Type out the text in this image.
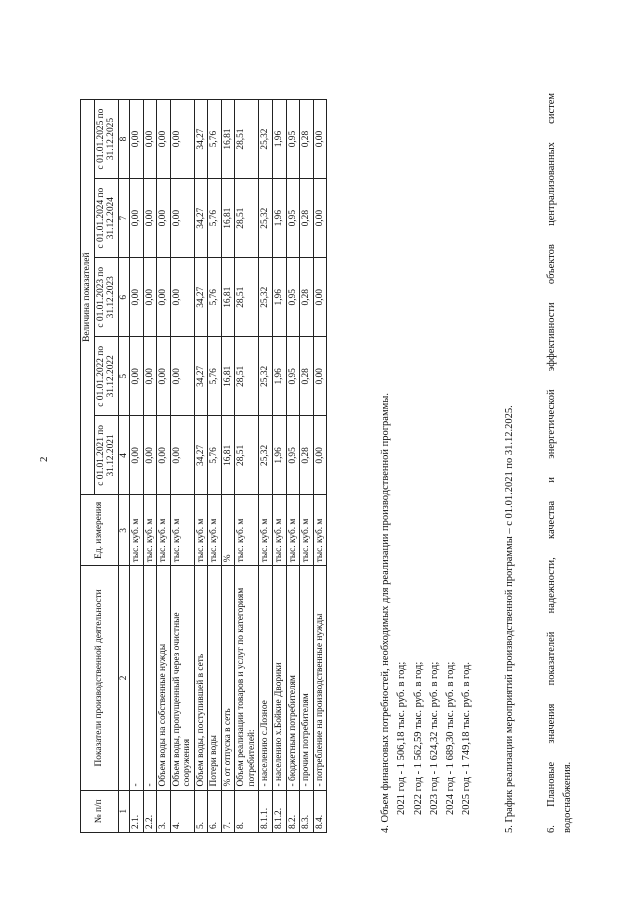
2
№ п/п	Показатели производственной деятельности	Ед. измерения	Величина показателей				
			с 01.01.2021 по 31.12.2021	с 01.01.2022 по 31.12.2022	с 01.01.2023 по 31.12.2023	с 01.01.2024 по 31.12.2024	с 01.01.2025 по 31.12.2025
1	2	3	4	5	6	7	8
2.1.	-	тыс. куб. м	0,00	0,00	0,00	0,00	0,00
2.2.	-	тыс. куб. м	0,00	0,00	0,00	0,00	0,00
3.	Объем воды на собственные нужды	тыс. куб. м	0,00	0,00	0,00	0,00	0,00
4.	Объем воды, пропущенный через очистные сооружения	тыс. куб. м	0,00	0,00	0,00	0,00	0,00
5.	Объем воды, поступившей в сеть	тыс. куб. м	34,27	34,27	34,27	34,27	34,27
6.	Потери воды	тыс. куб. м	5,76	5,76	5,76	5,76	5,76
7.	% от отпуска в сеть	%	16,81	16,81	16,81	16,81	16,81
8.	Объем реализации товаров и услуг по категориям потребителей:	тыс. куб. м	28,51	28,51	28,51	28,51	28,51
8.1.1.	- населению с.Лозное	тыс. куб. м	25,32	25,32	25,32	25,32	25,32
8.1.2.	- населению х.Бойкие Дворики	тыс. куб. м	1,96	1,96	1,96	1,96	1,96
8.2.	- бюджетным потребителям	тыс. куб. м	0,95	0,95	0,95	0,95	0,95
8.3.	- прочим потребителям	тыс. куб. м	0,28	0,28	0,28	0,28	0,28
8.4.	- потребление на производственные нужды	тыс. куб. м	0,00	0,00	0,00	0,00	0,00

4. Объем финансовых потребностей, необходимых для реализации производственной программы. 2021 год - 1 506,18 тыс. руб. в год; 2022 год - 1 562,59 тыс. руб. в год; 2023 год - 1 624,32 тыс. руб. в год; 2024 год - 1 689,30 тыс. руб. в год; 2025 год - 1 749,18 тыс. руб. в год.	5. График реализации мероприятий производственной программы – с 01.01.2021 по 31.12.2025.	6. Плановые значения показателей надежности, качества и энергетической эффективности объектов централизованных систем водоснабжения.
